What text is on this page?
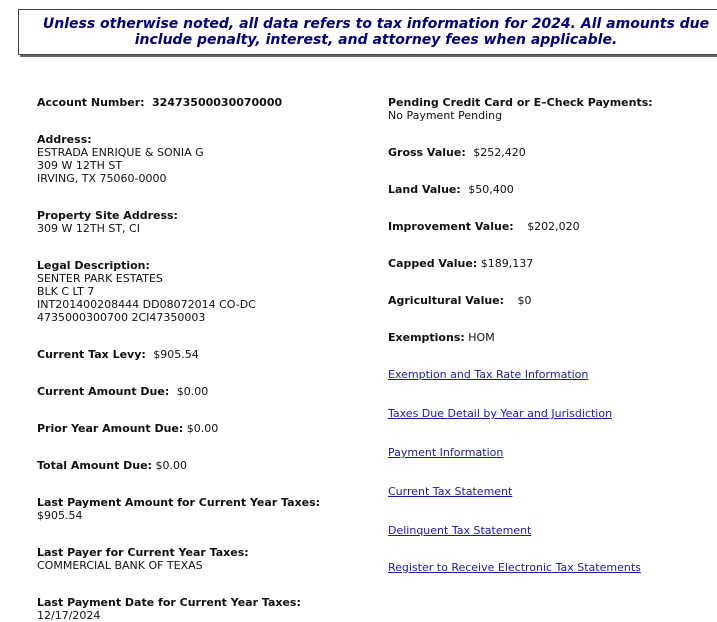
Unless otherwise noted, all data refers to tax information for 2024. All amounts due include penalty, interest, and attorney fees when applicable.
Account Number: 32473500030070000
Address:
ESTRADA ENRIQUE & SONIA G
309 W 12TH ST
IRVING, TX 75060-0000
Property Site Address:
309 W 12TH ST, CI
Legal Description:
SENTER PARK ESTATES
BLK C LT 7
INT201400208444 DD08072014 CO-DC
4735000300700 2CI47350003
Current Tax Levy: $905.54
Current Amount Due: $0.00
Prior Year Amount Due: $0.00
Total Amount Due: $0.00
Last Payment Amount for Current Year Taxes:
$905.54
Last Payer for Current Year Taxes:
COMMERCIAL BANK OF TEXAS
Last Payment Date for Current Year Taxes:
12/17/2024
Pending Credit Card or E–Check Payments:
No Payment Pending
Gross Value: $252,420
Land Value: $50,400
Improvement Value: $202,020
Capped Value: $189,137
Agricultural Value: $0
Exemptions: HOM
Exemption and Tax Rate Information
Taxes Due Detail by Year and Jurisdiction
Payment Information
Current Tax Statement
Delinquent Tax Statement
Register to Receive Electronic Tax Statements
